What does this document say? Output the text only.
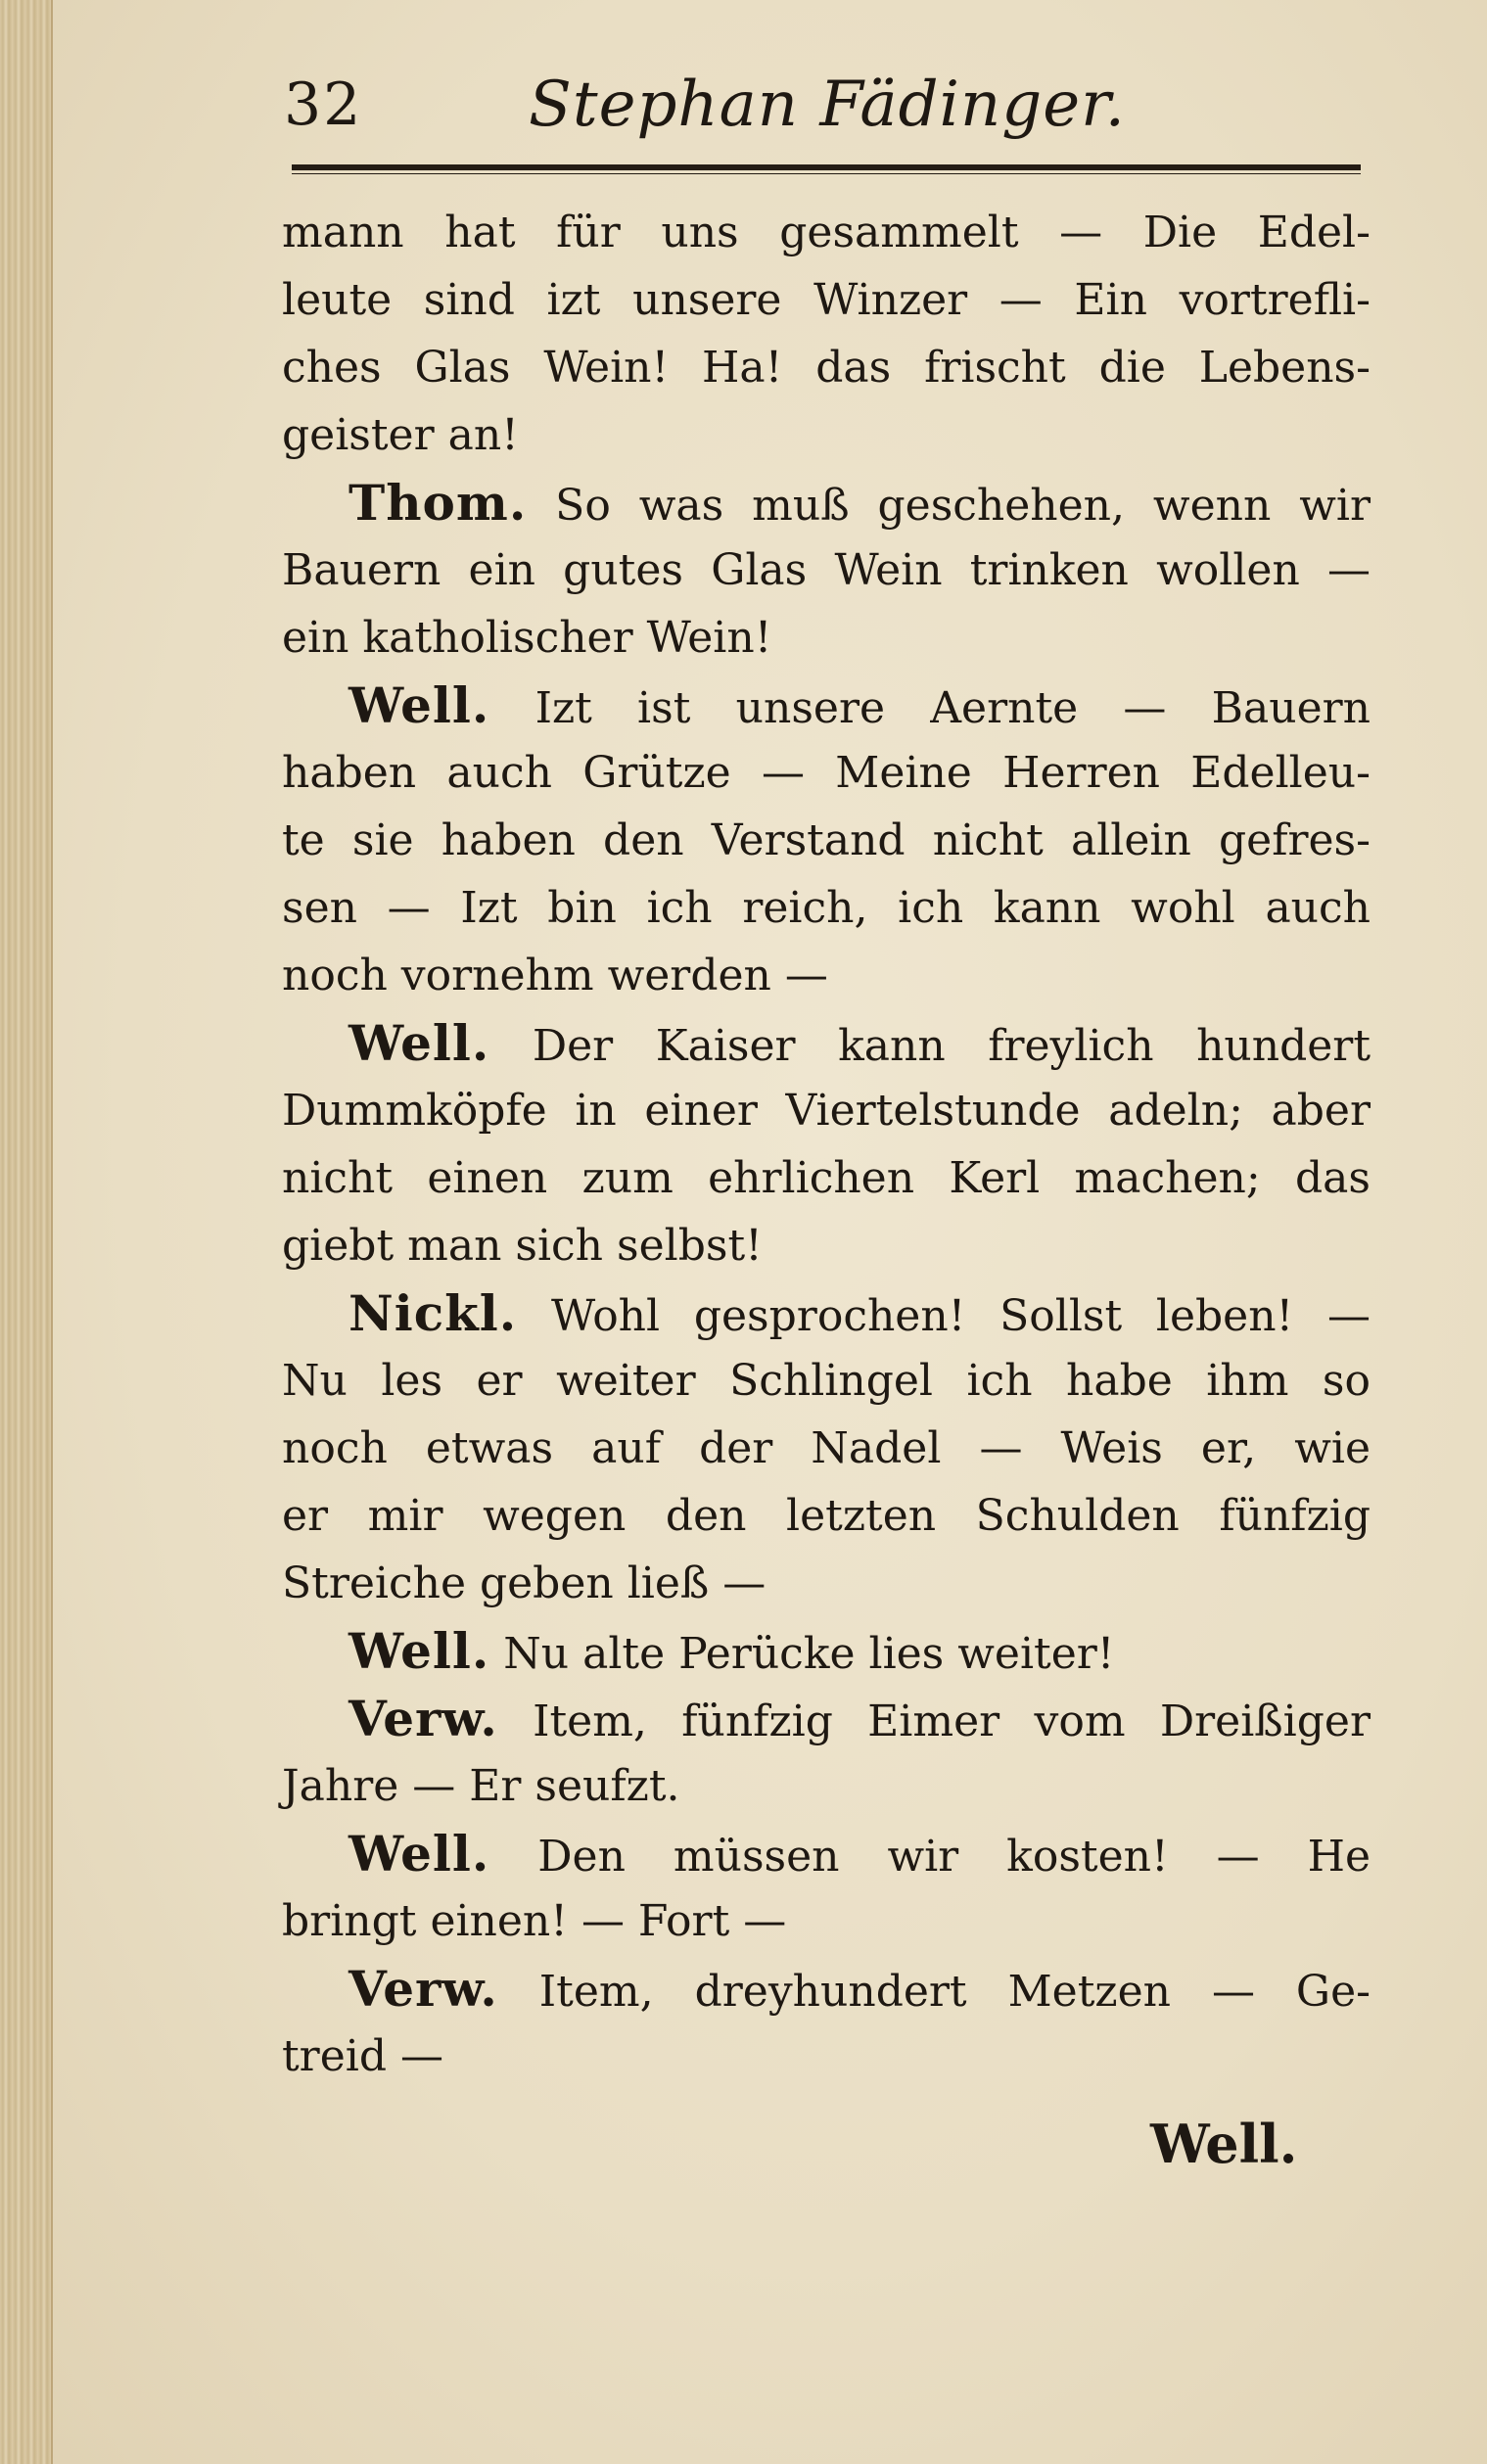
32	Stephan Fädinger.
mann hat für uns gesammelt — Die Edel-
leute sind izt unsere Winzer — Ein vortrefli-
ches Glas Wein! Ha! das frischt die Lebens-
geister an!
Thom. So was muß geschehen, wenn wir
Bauern ein gutes Glas Wein trinken wollen —
ein katholischer Wein!
Well. Izt ist unsere Aernte — Bauern
haben auch Grütze — Meine Herren Edelleu-
te sie haben den Verstand nicht allein gefres-
sen — Izt bin ich reich, ich kann wohl auch
noch vornehm werden —
Well. Der Kaiser kann freylich hundert
Dummköpfe in einer Viertelstunde adeln; aber
nicht einen zum ehrlichen Kerl machen; das
giebt man sich selbst!
Nickl. Wohl gesprochen! Sollst leben! —
Nu les er weiter Schlingel ich habe ihm so
noch etwas auf der Nadel — Weis er, wie
er mir wegen den letzten Schulden fünfzig
Streiche geben ließ —
Well. Nu alte Perücke lies weiter!
Verw. Item, fünfzig Eimer vom Dreißiger
Jahre — Er seufzt.
Well. Den müssen wir kosten! — He
bringt einen! — Fort —
Verw. Item, dreyhundert Metzen — Ge-
treid —
Well.
